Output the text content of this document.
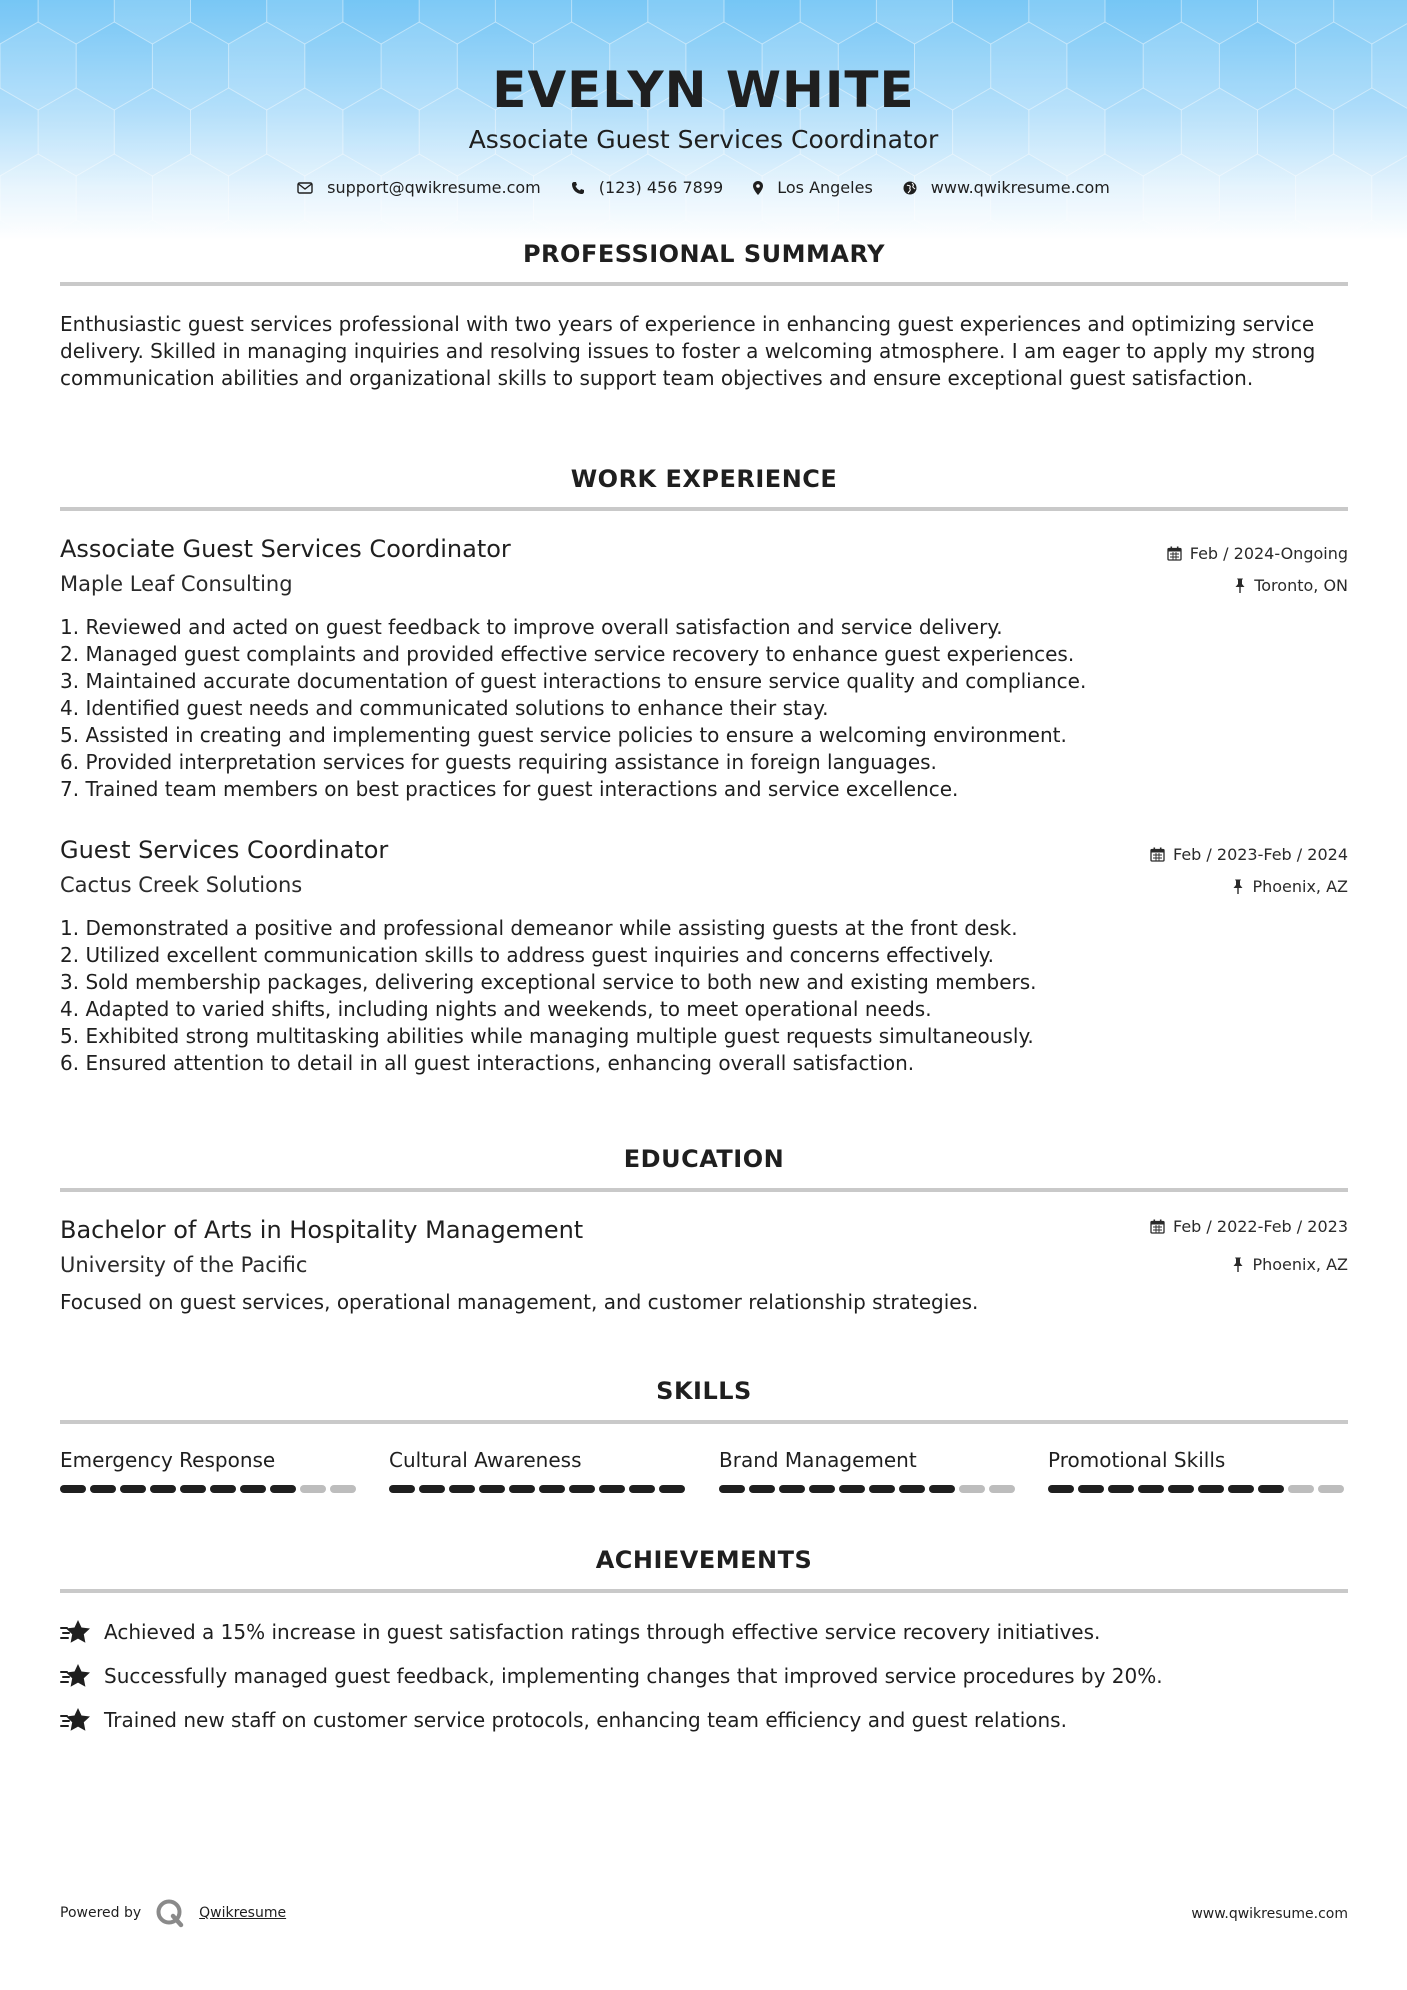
EVELYN WHITE
Associate Guest Services Coordinator
support@qwikresume.com	(123) 456 7899	Los Angeles	www.qwikresume.com
PROFESSIONAL SUMMARY
Enthusiastic guest services professional with two years of experience in enhancing guest experiences and optimizing service delivery. Skilled in managing inquiries and resolving issues to foster a welcoming atmosphere. I am eager to apply my strong communication abilities and organizational skills to support team objectives and ensure exceptional guest satisfaction.
WORK EXPERIENCE
Associate Guest Services Coordinator	Feb / 2024-Ongoing
Maple Leaf Consulting	Toronto, ON
1. Reviewed and acted on guest feedback to improve overall satisfaction and service delivery.
2. Managed guest complaints and provided effective service recovery to enhance guest experiences.
3. Maintained accurate documentation of guest interactions to ensure service quality and compliance.
4. Identified guest needs and communicated solutions to enhance their stay.
5. Assisted in creating and implementing guest service policies to ensure a welcoming environment.
6. Provided interpretation services for guests requiring assistance in foreign languages.
7. Trained team members on best practices for guest interactions and service excellence.
Guest Services Coordinator	Feb / 2023-Feb / 2024
Cactus Creek Solutions	Phoenix, AZ
1. Demonstrated a positive and professional demeanor while assisting guests at the front desk.
2. Utilized excellent communication skills to address guest inquiries and concerns effectively.
3. Sold membership packages, delivering exceptional service to both new and existing members.
4. Adapted to varied shifts, including nights and weekends, to meet operational needs.
5. Exhibited strong multitasking abilities while managing multiple guest requests simultaneously.
6. Ensured attention to detail in all guest interactions, enhancing overall satisfaction.
EDUCATION
Bachelor of Arts in Hospitality Management	Feb / 2022-Feb / 2023
University of the Pacific	Phoenix, AZ
Focused on guest services, operational management, and customer relationship strategies.
SKILLS
Emergency Response	Cultural Awareness	Brand Management	Promotional Skills
ACHIEVEMENTS
Achieved a 15% increase in guest satisfaction ratings through effective service recovery initiatives.
Successfully managed guest feedback, implementing changes that improved service procedures by 20%.
Trained new staff on customer service protocols, enhancing team efficiency and guest relations.
Powered by	Qwikresume	www.qwikresume.com
